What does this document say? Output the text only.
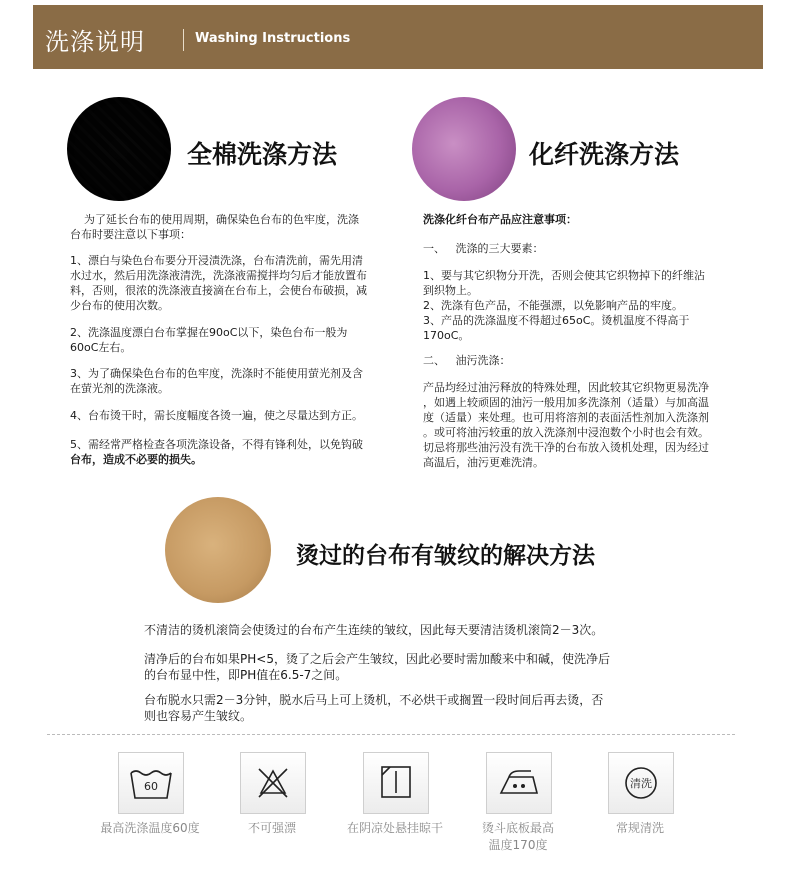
洗涤说明	Washing Instructions
全棉洗涤方法	化纤洗涤方法
为了延长台布的使用周期，确保染色台布的色牢度，洗涤
台布时要注意以下事项：
1、漂白与染色台布要分开浸渍洗涤，台布清洗前，需先用清
水过水，然后用洗涤液清洗，洗涤液需搅拌均匀后才能放置布
料，否则，很浓的洗涤液直接滴在台布上，会使台布破损，减
少台布的使用次数。
2、洗涤温度漂白台布掌握在90oC以下，染色台布一般为
60oC左右。
3、为了确保染色台布的色牢度，洗涤时不能使用萤光剂及含
在萤光剂的洗涤液。
4、台布烫干时，需长度幅度各烫一遍，使之尽量达到方正。
5、需经常严格检查各项洗涤设备，不得有锋利处，以免钩破
台布，造成不必要的损失。
洗涤化纤台布产品应注意事项：
一、   洗涤的三大要素：
1、要与其它织物分开洗，否则会使其它织物掉下的纤维沾
到织物上。
2、洗涤有色产品，不能强漂，以免影响产品的牢度。
3、产品的洗涤温度不得超过65oC。烫机温度不得高于
170oC。
二、   油污洗涤：
产品均经过油污释放的特殊处理，因此较其它织物更易洗净
，如遇上较顽固的油污一般用加多洗涤剂（适量）与加高温
度（适量）来处理。也可用将溶剂的表面活性剂加入洗涤剂
。或可将油污较重的放入洗涤剂中浸泡数个小时也会有效。
切忌将那些油污没有洗干净的台布放入烫机处理，因为经过
高温后，油污更难洗清。
烫过的台布有皱纹的解决方法
不清洁的烫机滚筒会使烫过的台布产生连续的皱纹，因此每天要清洁烫机滚筒2－3次。
清净后的台布如果PH<5，烫了之后会产生皱纹，因此必要时需加酸来中和碱，使洗净后
的台布显中性，即PH值在6.5-7之间。
台布脱水只需2－3分钟，脱水后马上可上烫机，不必烘干或搁置一段时间后再去烫，否
则也容易产生皱纹。
60	清洗
最高洗涤温度60度	不可强漂	在阴凉处悬挂晾干	烫斗底板最高
温度170度
常规清洗
